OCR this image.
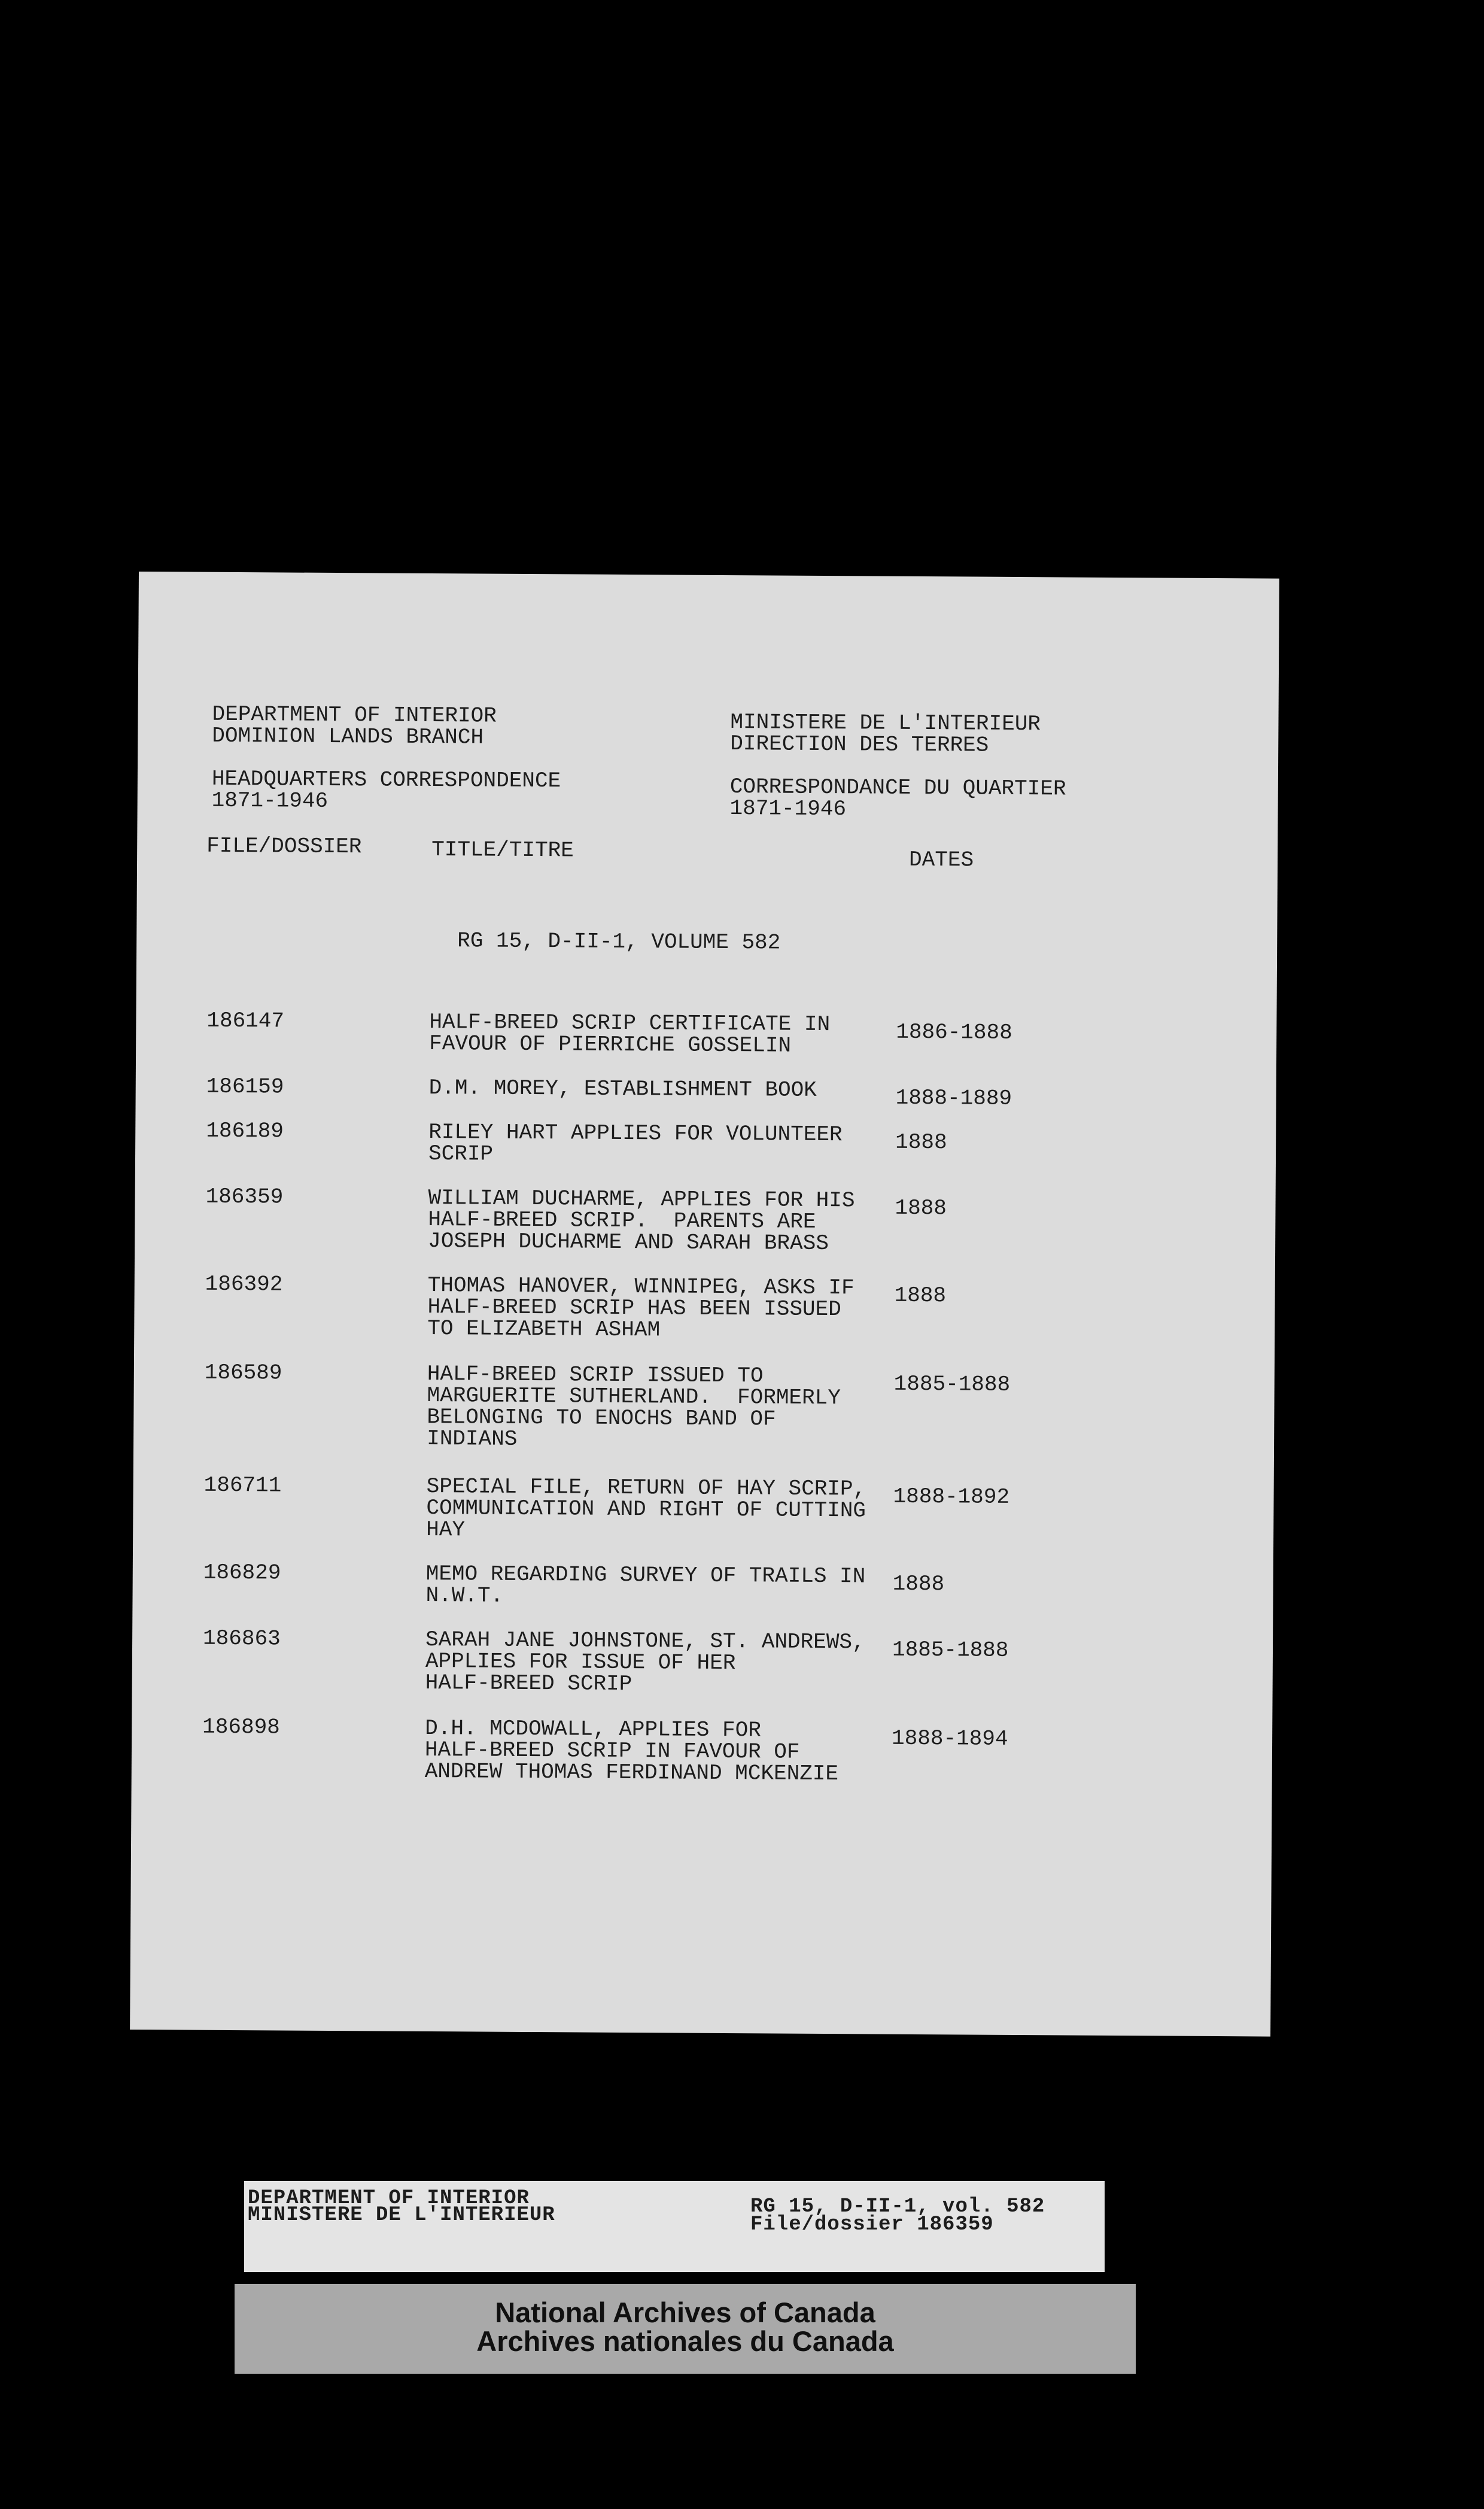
DEPARTMENT OF INTERIOR
DOMINION LANDS BRANCH
HEADQUARTERS CORRESPONDENCE
1871-1946
MINISTERE DE L'INTERIEUR
DIRECTION DES TERRES
CORRESPONDANCE DU QUARTIER
1871-1946
FILE/DOSSIER	TITLE/TITRE	DATES
RG 15, D-II-1, VOLUME 582
186147	HALF-BREED SCRIP CERTIFICATE IN
FAVOUR OF PIERRICHE GOSSELIN	1886-1888
186159	D.M. MOREY, ESTABLISHMENT BOOK	1888-1889
186189	RILEY HART APPLIES FOR VOLUNTEER
SCRIP	1888
186359	WILLIAM DUCHARME, APPLIES FOR HIS
HALF-BREED SCRIP.  PARENTS ARE
JOSEPH DUCHARME AND SARAH BRASS
1888
186392	THOMAS HANOVER, WINNIPEG, ASKS IF
HALF-BREED SCRIP HAS BEEN ISSUED
TO ELIZABETH ASHAM
1888
186589	HALF-BREED SCRIP ISSUED TO
MARGUERITE SUTHERLAND.  FORMERLY
BELONGING TO ENOCHS BAND OF
INDIANS
1885-1888
186711	SPECIAL FILE, RETURN OF HAY SCRIP,
COMMUNICATION AND RIGHT OF CUTTING
HAY
1888-1892
186829	MEMO REGARDING SURVEY OF TRAILS IN
N.W.T.	1888
186863	SARAH JANE JOHNSTONE, ST. ANDREWS,
APPLIES FOR ISSUE OF HER
HALF-BREED SCRIP
1885-1888
186898	D.H. MCDOWALL, APPLIES FOR
HALF-BREED SCRIP IN FAVOUR OF
ANDREW THOMAS FERDINAND MCKENZIE
1888-1894
DEPARTMENT OF INTERIOR
MINISTERE DE L'INTERIEUR	RG 15, D-II-1, vol. 582
File/dossier 186359
National Archives of Canada
Archives nationales du Canada
